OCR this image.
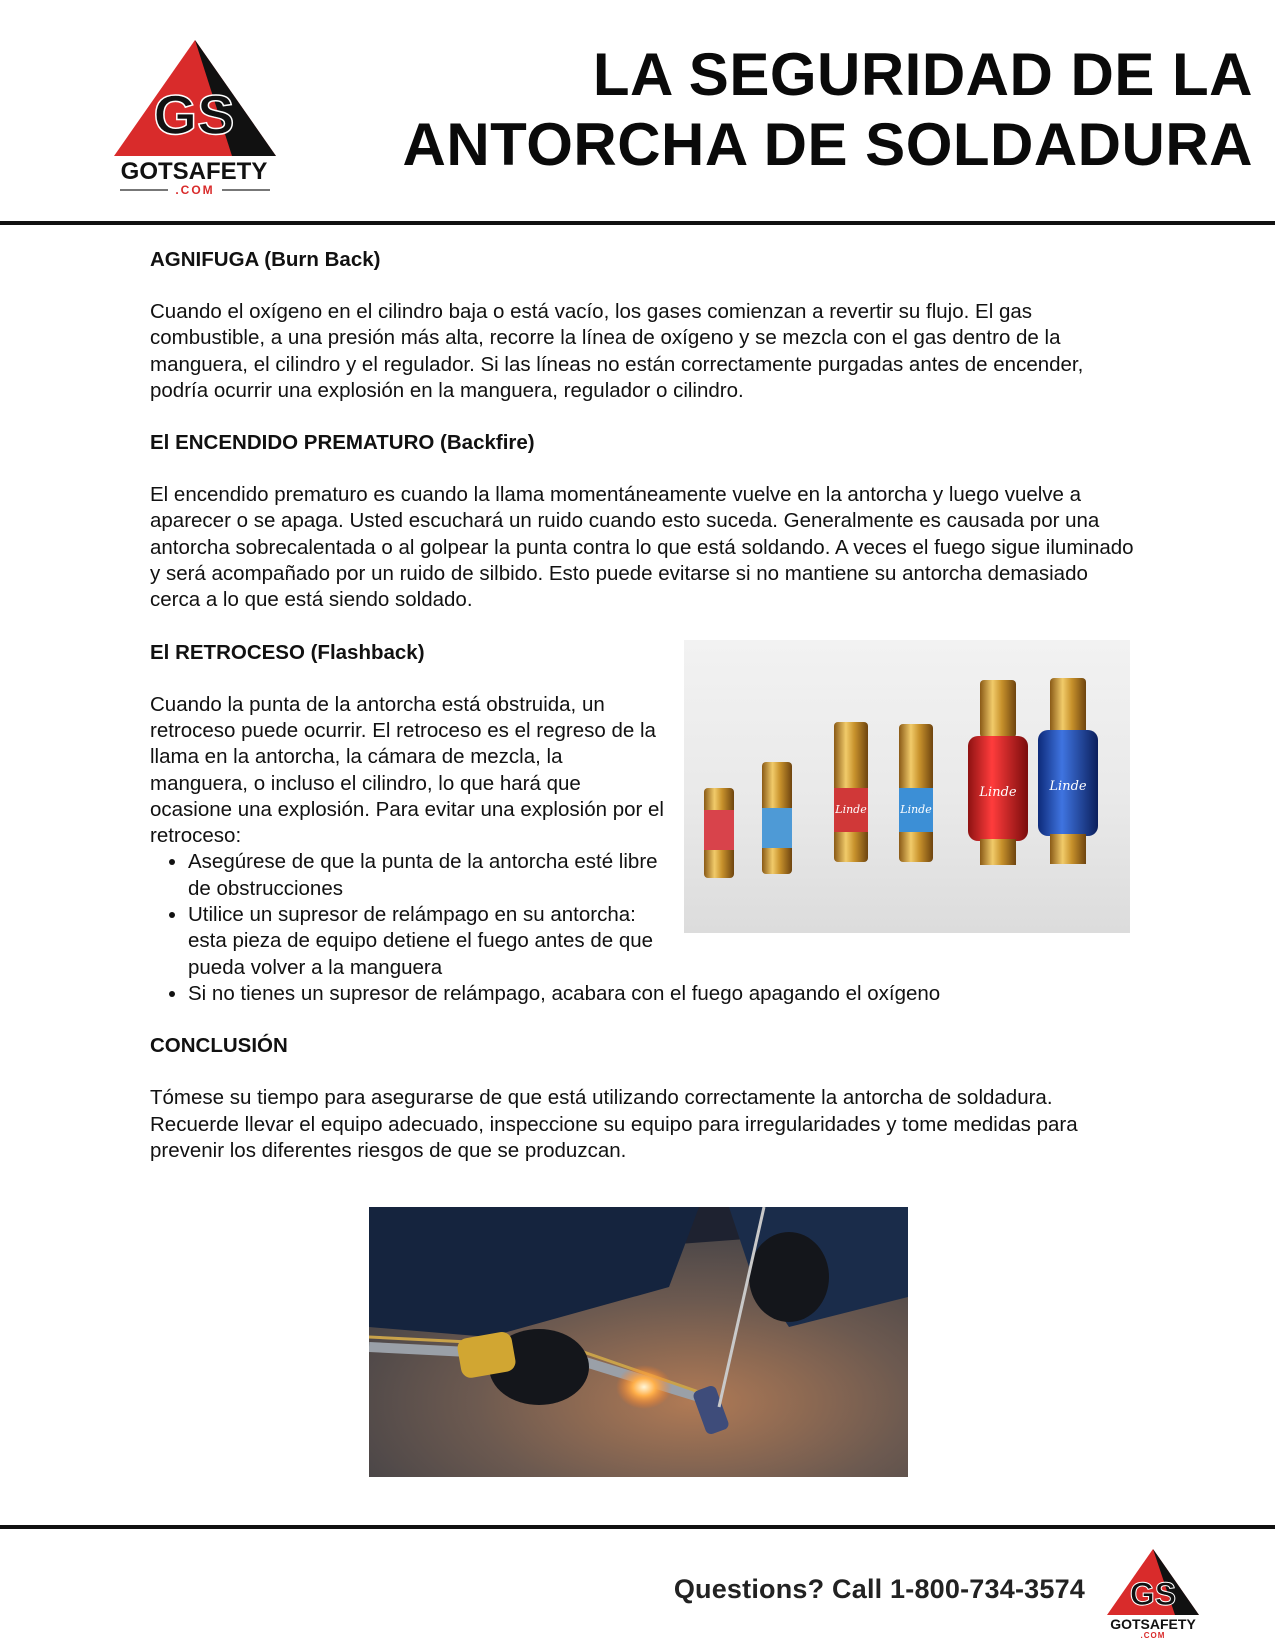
GS
GOTSAFETY
.COM
LA SEGURIDAD DE LA
ANTORCHA DE SOLDADURA
AGNIFUGA (Burn Back)

Cuando el oxígeno en el cilindro baja o está vacío, los gases comienzan a revertir su flujo. El gas combustible, a una presión más alta, recorre la línea de oxígeno y se mezcla con el gas dentro de la manguera, el cilindro y el regulador. Si las líneas no están correctamente purgadas antes de encender, podría ocurrir una explosión en la manguera, regulador o cilindro.

El ENCENDIDO PREMATURO (Backfire)

El encendido prematuro es cuando la llama momentáneamente vuelve en la antorcha y luego vuelve a aparecer o se apaga. Usted escuchará un ruido cuando esto suceda. Generalmente es causada por una antorcha sobrecalentada o al golpear la punta contra lo que está soldando. A veces el fuego sigue iluminado y será acompañado por un ruido de silbido. Esto puede evitarse si no mantiene su antorcha demasiado cerca a lo que está siendo soldado.

Linde	Linde
Linde	Linde
El RETROCESO (Flashback)

Cuando la punta de la antorcha está obstruida, un retroceso puede ocurrir. El retroceso es el regreso de la llama en la antorcha, la cámara de mezcla, la manguera, o incluso el cilindro, lo que hará que ocasione una explosión. Para evitar una explosión por el retroceso:

• Asegúrese de que la punta de la antorcha esté libre de obstrucciones
• Utilice un supresor de relámpago en su antorcha: esta pieza de equipo detiene el fuego antes de que pueda volver a la manguera
• Si no tienes un supresor de relámpago, acabara con el fuego apagando el oxígeno
CONCLUSIÓN

Tómese su tiempo para asegurarse de que está utilizando correctamente la antorcha de soldadura. Recuerde llevar el equipo adecuado, inspeccione su equipo para irregularidades y tome medidas para prevenir los diferentes riesgos de que se produzcan.

Questions? Call 1-800-734-3574 GS
GOTSAFETY
.COM
